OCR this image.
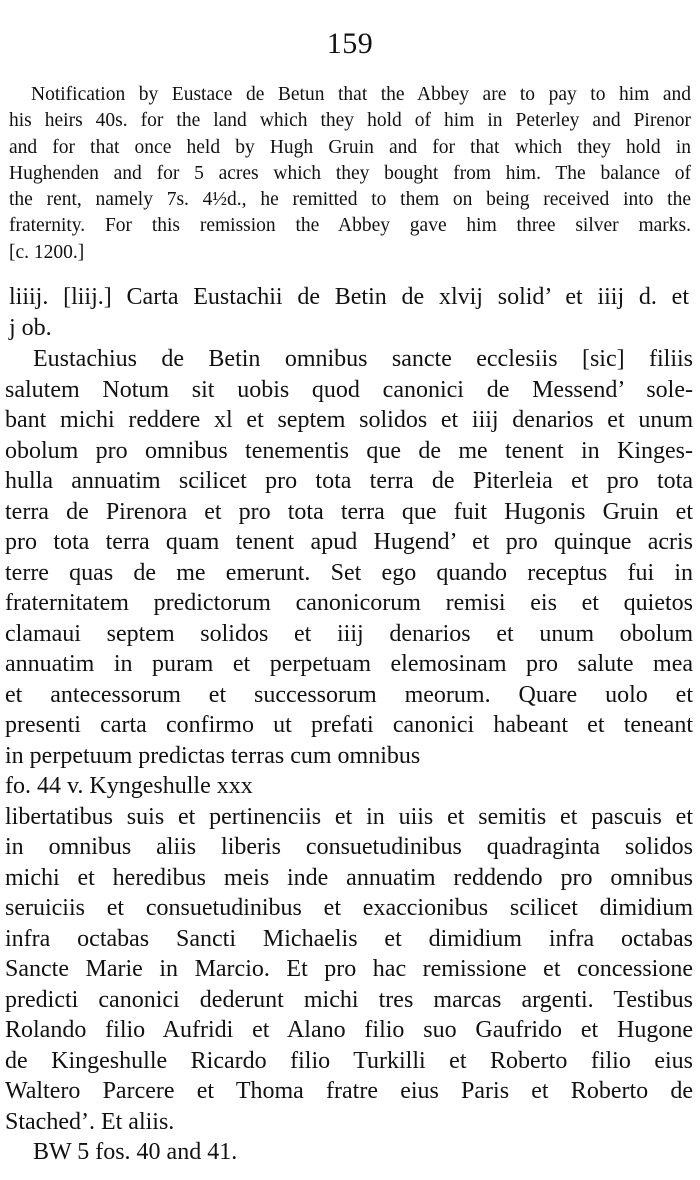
159
Notification by Eustace de Betun that the Abbey are to pay to him and
his heirs 40s. for the land which they hold of him in Peterley and Pirenor
and for that once held by Hugh Gruin and for that which they hold in
Hughenden and for 5 acres which they bought from him. The balance of
the rent, namely 7s. 4½d., he remitted to them on being received into the
fraternity. For this remission the Abbey gave him three silver marks.
[c. 1200.]
liiij. [liij.] Carta Eustachii de Betin de xlvij solid’ et iiij d. et
j ob.
Eustachius de Betin omnibus sancte ecclesiis [sic] filiis
salutem Notum sit uobis quod canonici de Messend’ sole-
bant michi reddere xl et septem solidos et iiij denarios et unum
obolum pro omnibus tenementis que de me tenent in Kinges-
hulla annuatim scilicet pro tota terra de Piterleia et pro tota
terra de Pirenora et pro tota terra que fuit Hugonis Gruin et
pro tota terra quam tenent apud Hugend’ et pro quinque acris
terre quas de me emerunt. Set ego quando receptus fui in
fraternitatem predictorum canonicorum remisi eis et quietos
clamaui septem solidos et iiij denarios et unum obolum
annuatim in puram et perpetuam elemosinam pro salute mea
et antecessorum et successorum meorum. Quare uolo et
presenti carta confirmo ut prefati canonici habeant et teneant
in perpetuum predictas terras cum omnibus
fo. 44 v. Kyngeshulle xxx
libertatibus suis et pertinenciis et in uiis et semitis et pascuis et
in omnibus aliis liberis consuetudinibus quadraginta solidos
michi et heredibus meis inde annuatim reddendo pro omnibus
seruiciis et consuetudinibus et exaccionibus scilicet dimidium
infra octabas Sancti Michaelis et dimidium infra octabas
Sancte Marie in Marcio. Et pro hac remissione et concessione
predicti canonici dederunt michi tres marcas argenti. Testibus
Rolando filio Aufridi et Alano filio suo Gaufrido et Hugone
de Kingeshulle Ricardo filio Turkilli et Roberto filio eius
Waltero Parcere et Thoma fratre eius Paris et Roberto de
Stached’. Et aliis.
BW 5 fos. 40 and 41.
